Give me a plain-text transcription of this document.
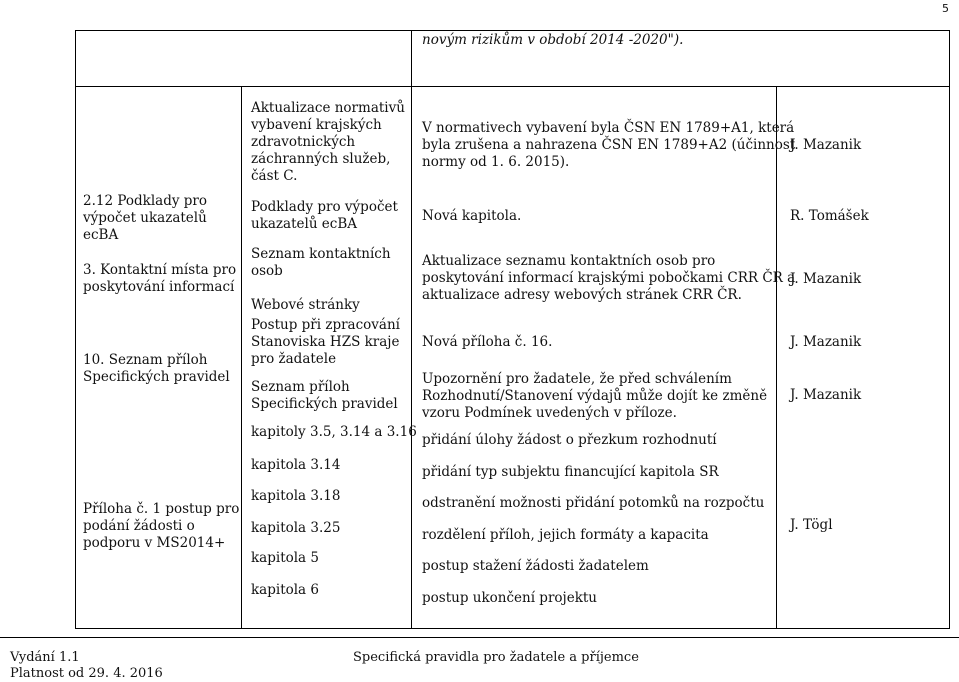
5
novým rizikům v období 2014 -2020").
2.12 Podklady pro
výpočet ukazatelů
ecBA
3. Kontaktní místa pro
poskytování informací
10. Seznam příloh
Specifických pravidel
Příloha č. 1 postup pro
podání žádosti o
podporu v MS2014+
Aktualizace normativů
vybavení krajských
zdravotnických
záchranných služeb,
část C.
Podklady pro výpočet
ukazatelů ecBA
Seznam kontaktních
osob
Webové stránky
Postup při zpracování
Stanoviska HZS kraje
pro žadatele
Seznam příloh
Specifických pravidel
kapitoly 3.5, 3.14 a 3.16
kapitola 3.14
kapitola 3.18
kapitola 3.25
kapitola 5
kapitola 6
V normativech vybavení byla ČSN EN 1789+A1, která
byla zrušena a nahrazena ČSN EN 1789+A2 (účinnost
normy od 1. 6. 2015).
Nová kapitola.
Aktualizace seznamu kontaktních osob pro
poskytování informací krajskými pobočkami CRR ČR a
aktualizace adresy webových stránek CRR ČR.
Nová příloha č. 16.
Upozornění pro žadatele, že před schválením
Rozhodnutí/Stanovení výdajů může dojít ke změně
vzoru Podmínek uvedených v příloze.
přidání úlohy žádost o přezkum rozhodnutí
přidání typ subjektu financující kapitola SR
odstranění možnosti přidání potomků na rozpočtu
rozdělení příloh, jejich formáty a kapacita
postup stažení žádosti žadatelem
postup ukončení projektu
J. Mazanik
R. Tomášek
J. Mazanik
J. Mazanik
J. Mazanik
J. Tögl
Vydání 1.1
Platnost od 29. 4. 2016
Specifická pravidla pro žadatele a příjemce
